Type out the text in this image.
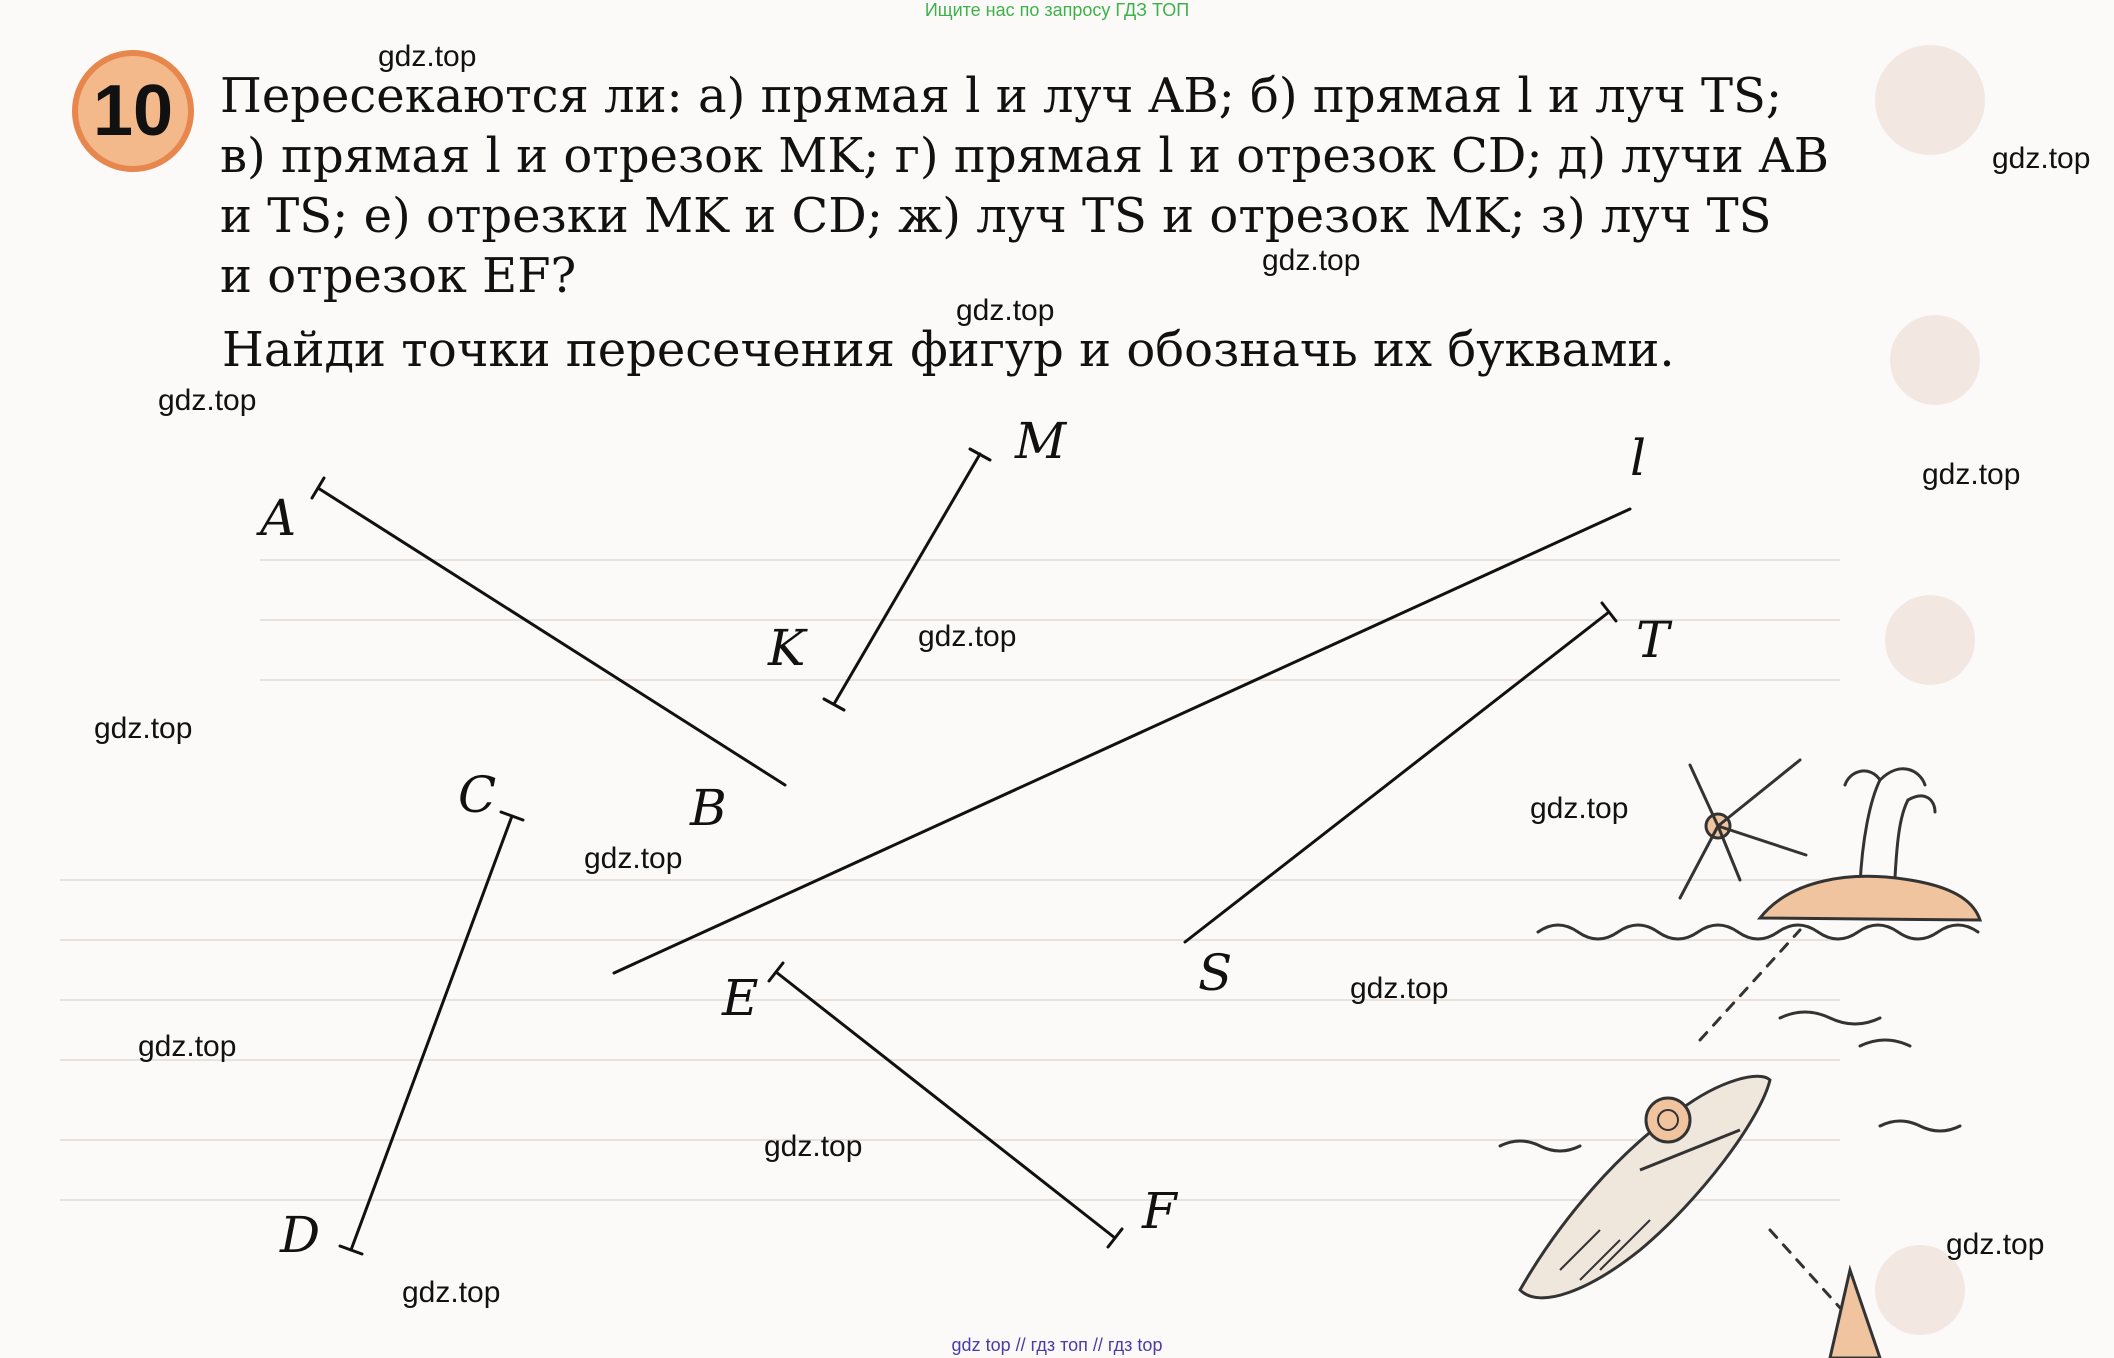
Ищите нас по запросу ГДЗ ТОП
10 Пересекаются ли: а) прямая l и луч AB; б) прямая l и луч TS;
в) прямая l и отрезок MK; г) прямая l и отрезок CD; д) лучи AB
и TS; е) отрезки MK и CD; ж) луч TS и отрезок MK; з) луч TS
и отрезок EF?
Найди точки пересечения фигур и обозначь их буквами.
A
B
M
K
l
T
S
C
D
E
F
gdz.top
gdz.top
gdz.top
gdz.top
gdz.top
gdz.top
gdz.top
gdz.top
gdz.top
gdz.top
gdz.top
gdz.top
gdz.top
gdz.top
gdz.top
gdz top // гдз топ // гдз top
